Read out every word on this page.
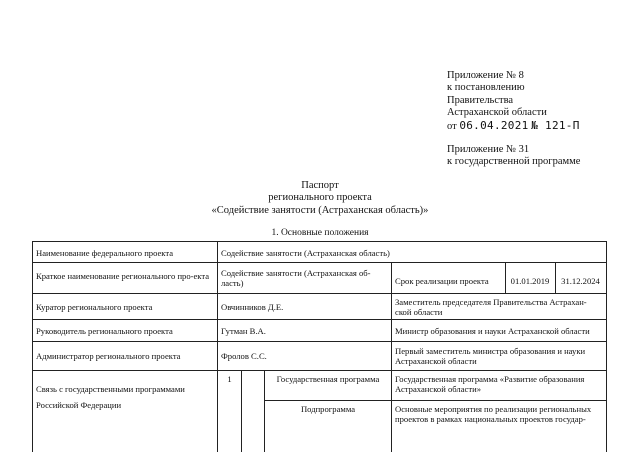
Приложение № 8
к постановлению
Правительства
Астраханской области
от 06.04.2021 № 121-П
Приложение № 31
к государственной программе
Паспорт
регионального проекта
«Содействие занятости (Астраханская область)»
1. Основные положения
Наименование федерального проекта	Содействие занятости (Астраханская область)
Краткое наименование регионального про-екта	Содействие занятости (Астраханская об-ласть)	Срок реализации проекта	01.01.2019	31.12.2024
Куратор регионального проекта	Овчинников Д.Е.	Заместитель председателя Правительства Астрахан-ской области
Руководитель регионального проекта	Гутман В.А.	Министр образования и науки Астраханской области
Администратор регионального проекта	Фролов С.С.	Первый заместитель министра образования и науки Астраханской области
Связь с государственными программами
Российской Федерации
1	Государственная программа	Государственная программа «Развитие образования Астраханской области»
Подпрограмма	Основные мероприятия по реализации региональных проектов в рамках национальных проектов государ-
